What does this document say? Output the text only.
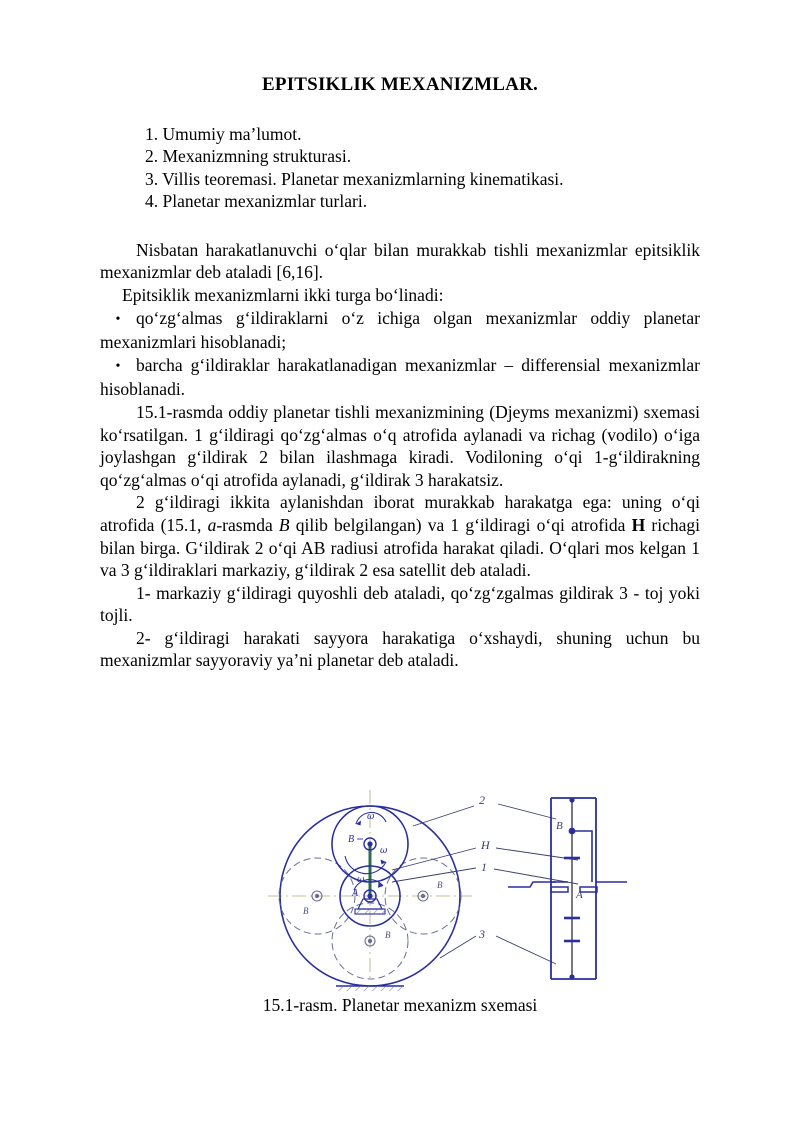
EPITSIKLIK MEXANIZMLAR.
1. Umumiy ma’lumot.
2. Mexanizmning strukturasi.
3. Villis teoremasi. Planetar mexanizmlarning kinematikasi.
4. Planetar mexanizmlar turlari.

Nisbatan harakatlanuvchi o‘qlar bilan murakkab tishli mexanizmlar epitsiklik mexanizmlar deb ataladi [6,16].

Epitsiklik mexanizmlarni ikki turga bo‘linadi:

• qo‘zg‘almas g‘ildiraklarni o‘z ichiga olgan mexanizmlar oddiy planetar mexanizmlari hisoblanadi;
• barcha g‘ildiraklar harakatlanadigan mexanizmlar – differensial mexanizmlar hisoblanadi.

15.1-rasmda oddiy planetar tishli mexanizmining (Djeyms mexanizmi) sxemasi ko‘rsatilgan. 1 g‘ildiragi qo‘zg‘almas o‘q atrofida aylanadi va richag (vodilo) o‘iga joylashgan g‘ildirak 2 bilan ilashmaga kiradi. Vodiloning o‘qi 1-g‘ildirakning qo‘zg‘almas o‘qi atrofida aylanadi, g‘ildirak 3 harakatsiz.

2 g‘ildiragi ikkita aylanishdan iborat murakkab harakatga ega: uning o‘qi atrofida (15.1, a-rasmda B qilib belgilangan) va 1 g‘ildiragi o‘qi atrofida H richagi bilan birga. G‘ildirak 2 o‘qi AB radiusi atrofida harakat qiladi. O‘qlari mos kelgan 1 va 3 g‘ildiraklari markaziy, g‘ildirak 2 esa satellit deb ataladi.

1- markaziy g‘ildiragi quyoshli deb ataladi, qo‘zg‘zgalmas gildirak 3 - toj yoki tojli.

2- g‘ildiragi harakati sayyora harakatiga o‘xshaydi, shuning uchun bu mexanizmlar sayyoraviy ya’ni planetar deb ataladi.

B
B
B
B
ω
ω
ω
A
2
H
1
3
B
A
15.1-rasm. Planetar mexanizm sxemasi
